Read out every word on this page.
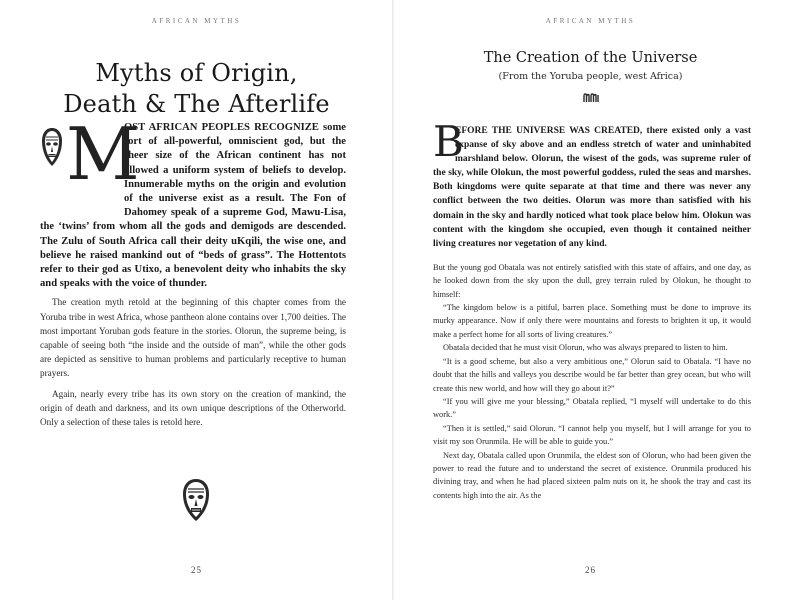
AFRICAN MYTHS
Myths of Origin,
Death & The Afterlife
M

OST AFRICAN PEOPLES RECOGNIZE some sort of all-powerful, omniscient god, but the sheer size of the African continent has not allowed a uniform system of beliefs to develop. Innumerable myths on the origin and evolution of the universe exist as a result. The Fon of Dahomey speak of a supreme God, Mawu-Lisa, the ‘twins’ from whom all the gods and demigods are descended. The Zulu of South Africa call their deity uKqili, the wise one, and believe he raised mankind out of “beds of grass”. The Hottentots refer to their god as Utixo, a benevolent deity who inhabits the sky and speaks with the voice of thunder.

The creation myth retold at the beginning of this chapter comes from the Yoruba tribe in west Africa, whose pantheon alone contains over 1,700 deities. The most important Yoruban gods feature in the stories. Olorun, the supreme being, is capable of seeing both “the inside and the outside of man”, while the other gods are depicted as sensitive to human problems and particularly receptive to human prayers.

Again, nearly every tribe has its own story on the creation of mankind, the origin of death and darkness, and its own unique descriptions of the Otherworld. Only a selection of these tales is retold here.

25
AFRICAN MYTHS
The Creation of the Universe
(From the Yoruba people, west Africa)
B

EFORE THE UNIVERSE WAS CREATED, there existed only a vast expanse of sky above and an endless stretch of water and uninhabited marshland below. Olorun, the wisest of the gods, was supreme ruler of the sky, while Olokun, the most powerful goddess, ruled the seas and marshes. Both kingdoms were quite separate at that time and there was never any conflict between the two deities. Olorun was more than satisfied with his domain in the sky and hardly noticed what took place below him. Olokun was content with the kingdom she occupied, even though it contained neither living creatures nor vegetation of any kind.

But the young god Obatala was not entirely satisfied with this state of affairs, and one day, as he looked down from the sky upon the dull, grey terrain ruled by Olokun, he thought to himself:

“The kingdom below is a pitiful, barren place. Something must be done to improve its murky appearance. Now if only there were mountains and forests to brighten it up, it would make a perfect home for all sorts of living creatures.”

Obatala decided that he must visit Olorun, who was always prepared to listen to him.

“It is a good scheme, but also a very ambitious one,” Olorun said to Obatala. “I have no doubt that the hills and valleys you describe would be far better than grey ocean, but who will create this new world, and how will they go about it?”

“If you will give me your blessing,” Obatala replied, “I myself will undertake to do this work.”

“Then it is settled,” said Olorun. “I cannot help you myself, but I will arrange for you to visit my son Orunmila. He will be able to guide you.”

Next day, Obatala called upon Orunmila, the eldest son of Olorun, who had been given the power to read the future and to understand the secret of existence. Orunmila produced his divining tray, and when he had placed sixteen palm nuts on it, he shook the tray and cast its contents high into the air. As the

26
